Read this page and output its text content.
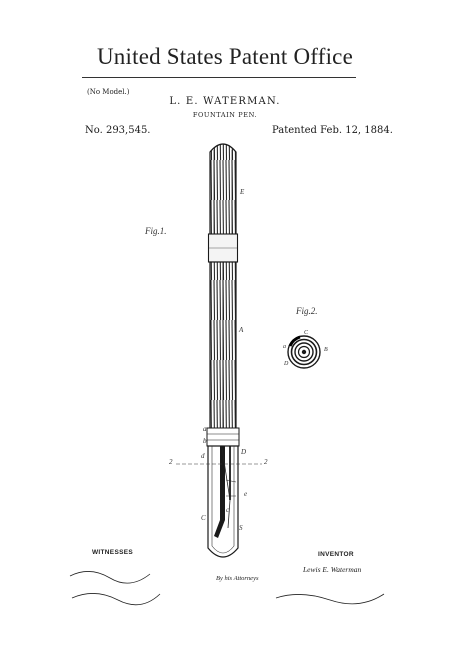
United States Patent Office
(No Model.)
L. E. WATERMAN.
FOUNTAIN PEN.
No. 293,545.	Patented Feb. 12, 1884.
Fig.1.
Fig.2.
E
A
a
b
d	D
2	2
e
c
C
S
C
a	B
D
WITNESSES	INVENTOR
Lewis E. Waterman
By his Attorneys
